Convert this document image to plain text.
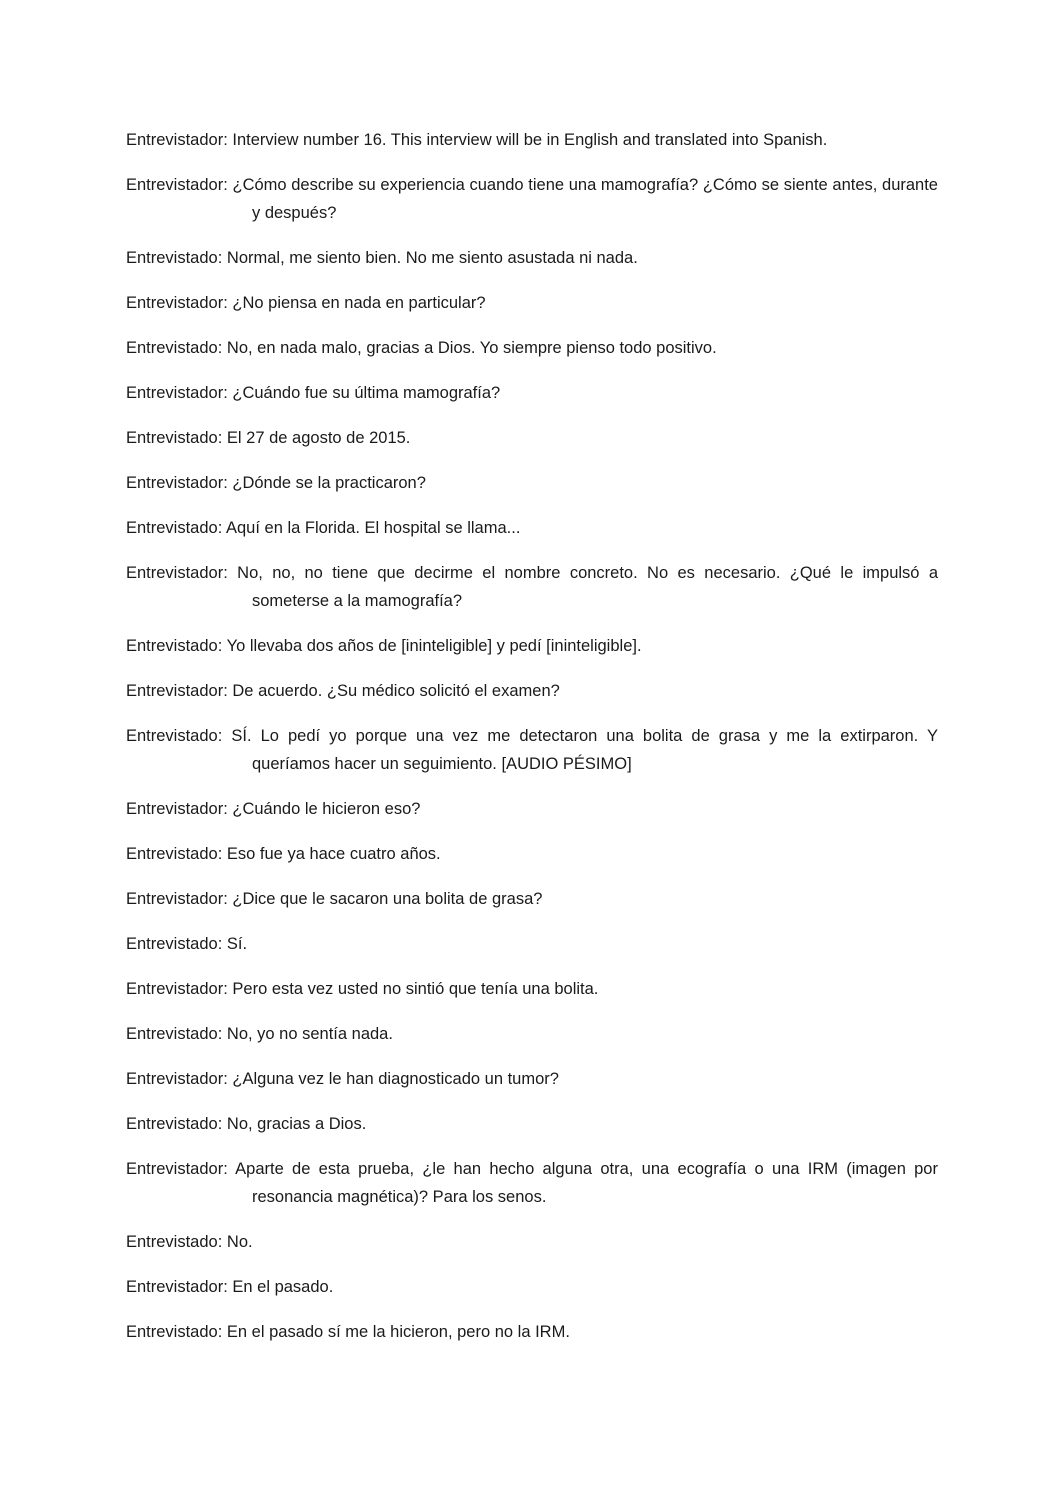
Entrevistador: Interview number 16. This interview will be in English and translated into Spanish.

Entrevistador: ¿Cómo describe su experiencia cuando tiene una mamografía? ¿Cómo se siente antes, durante y después?

Entrevistado: Normal, me siento bien. No me siento asustada ni nada.

Entrevistador: ¿No piensa en nada en particular?

Entrevistado: No, en nada malo, gracias a Dios. Yo siempre pienso todo positivo.

Entrevistador: ¿Cuándo fue su última mamografía?

Entrevistado: El 27 de agosto de 2015.

Entrevistador: ¿Dónde se la practicaron?

Entrevistado: Aquí en la Florida. El hospital se llama...

Entrevistador: No, no, no tiene que decirme el nombre concreto. No es necesario. ¿Qué le impulsó a someterse a la mamografía?

Entrevistado: Yo llevaba dos años de [ininteligible] y pedí [ininteligible].

Entrevistador: De acuerdo. ¿Su médico solicitó el examen?

Entrevistado: SÍ. Lo pedí yo porque una vez me detectaron una bolita de grasa y me la extirparon. Y queríamos hacer un seguimiento. [AUDIO PÉSIMO]

Entrevistador: ¿Cuándo le hicieron eso?

Entrevistado: Eso fue ya hace cuatro años.

Entrevistador: ¿Dice que le sacaron una bolita de grasa?

Entrevistado: Sí.

Entrevistador: Pero esta vez usted no sintió que tenía una bolita.

Entrevistado: No, yo no sentía nada.

Entrevistador: ¿Alguna vez le han diagnosticado un tumor?

Entrevistado: No, gracias a Dios.

Entrevistador: Aparte de esta prueba, ¿le han hecho alguna otra, una ecografía o una IRM (imagen por resonancia magnética)? Para los senos.

Entrevistado: No.

Entrevistador: En el pasado.

Entrevistado: En el pasado sí me la hicieron, pero no la IRM.
